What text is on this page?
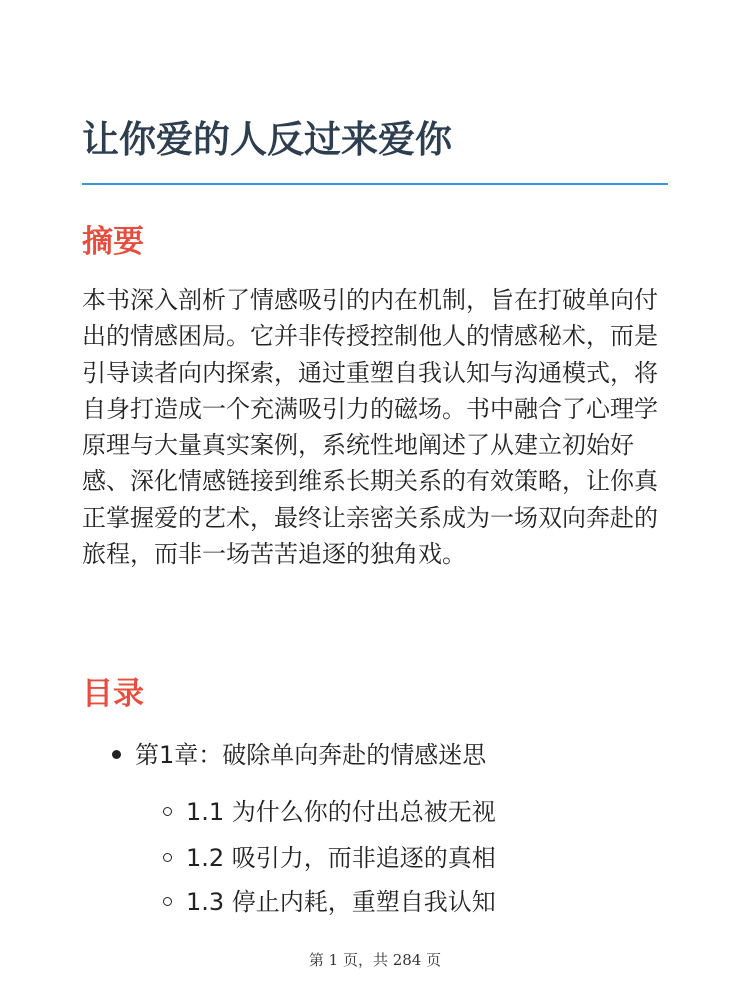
让你爱的人反过来爱你
摘要

本书深入剖析了情感吸引的内在机制，旨在打破单向付出的情感困局。它并非传授控制他人的情感秘术，而是引导读者向内探索，通过重塑自我认知与沟通模式，将自身打造成一个充满吸引力的磁场。书中融合了心理学原理与大量真实案例，系统性地阐述了从建立初始好感、深化情感链接到维系长期关系的有效策略，让你真正掌握爱的艺术，最终让亲密关系成为一场双向奔赴的旅程，而非一场苦苦追逐的独角戏。

目录
第1章：破除单向奔赴的情感迷思
1.1 为什么你的付出总被无视
1.2 吸引力，而非追逐的真相
1.3 停止内耗，重塑自我认知
第 1 页，共 284 页
